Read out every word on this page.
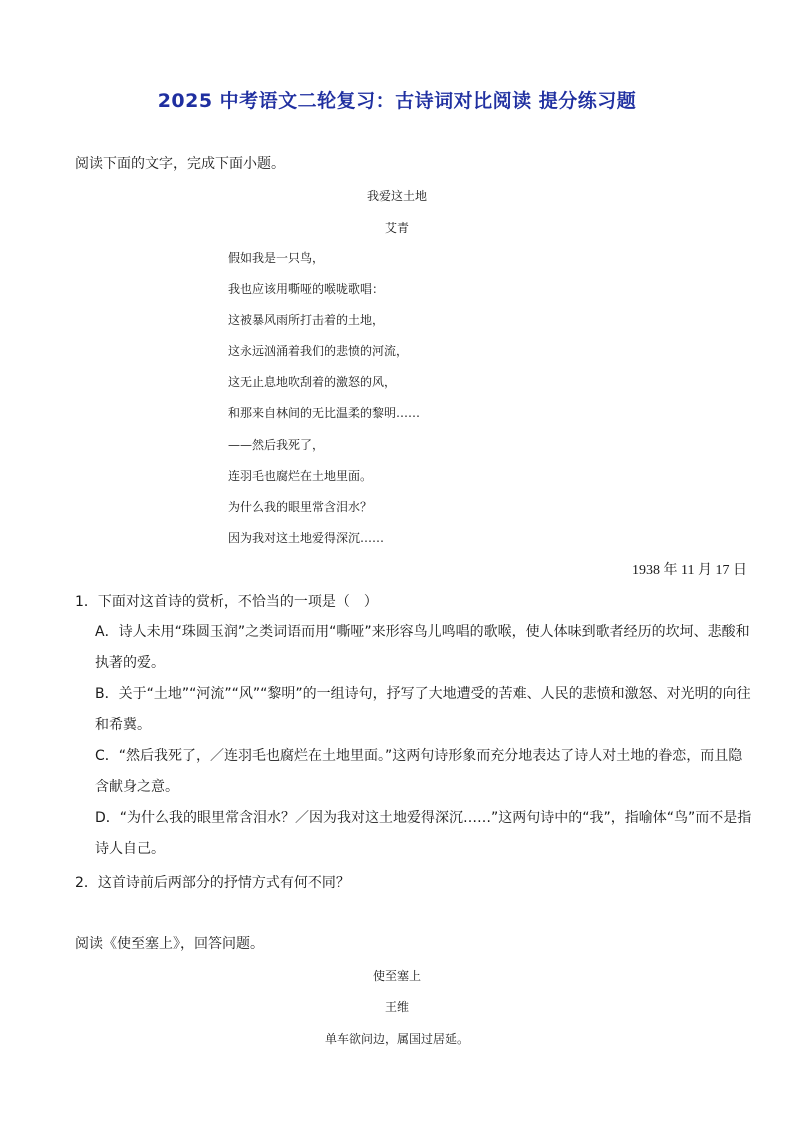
2025 中考语文二轮复习：古诗词对比阅读 提分练习题
阅读下面的文字，完成下面小题。
我爱这土地
艾青
假如我是一只鸟，
我也应该用嘶哑的喉咙歌唱：
这被暴风雨所打击着的土地，
这永远汹涌着我们的悲愤的河流，
这无止息地吹刮着的激怒的风，
和那来自林间的无比温柔的黎明……
——然后我死了，
连羽毛也腐烂在土地里面。
为什么我的眼里常含泪水？
因为我对这土地爱得深沉……
1938 年 11 月 17 日
1．下面对这首诗的赏析，不恰当的一项是（　）
A．诗人未用“珠圆玉润”之类词语而用“嘶哑”来形容鸟儿鸣唱的歌喉，使人体味到歌者经历的坎坷、悲酸和
执著的爱。
B．关于“土地”“河流”“风”“黎明”的一组诗句，抒写了大地遭受的苦难、人民的悲愤和激怒、对光明的向往
和希冀。
C．“然后我死了，／连羽毛也腐烂在土地里面。”这两句诗形象而充分地表达了诗人对土地的眷恋，而且隐
含献身之意。
D．“为什么我的眼里常含泪水？／因为我对这土地爱得深沉……”这两句诗中的“我”，指喻体“鸟”而不是指
诗人自己。
2．这首诗前后两部分的抒情方式有何不同？
阅读《使至塞上》，回答问题。
使至塞上
王维
单车欲问边，属国过居延。
